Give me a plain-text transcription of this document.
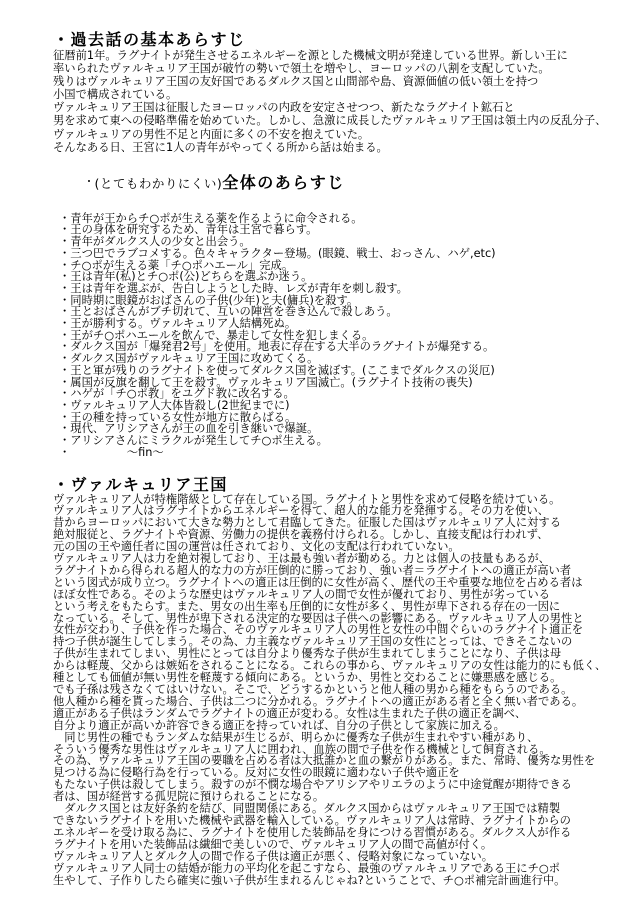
・過去話の基本あらすじ
征暦前1年。ラグナイトが発生させるエネルギーを源とした機械文明が発達している世界。新しい王に
率いられたヴァルキュリア王国が破竹の勢いで領土を増やし、ヨーロッパの八割を支配していた。
残りはヴァルキュリア王国の友好国であるダルクス国と山間部や島、資源価値の低い領土を持つ
小国で構成されている。
ヴァルキュリア王国は征服したヨーロッパの内政を安定させつつ、新たなラグナイト鉱石と
男を求めて東への侵略準備を始めていた。しかし、急激に成長したヴァルキュリア王国は領土内の反乱分子、
ヴァルキュリアの男性不足と内面に多くの不安を抱えていた。
そんなある日、王宮に1人の青年がやってくる所から話は始まる。

・(とてもわかりにくい)全体のあらすじ

・青年が王からチ○ポが生える薬を作るように命令される。
・王の身体を研究するため、青年は王宮で暮らす。
・青年がダルクス人の少女と出会う。
・三つ巴でラブコメする。色々キャラクター登場。(眼鏡、戦士、おっさん、ハゲ,etc)
・チ○ポが生える薬「チ○ポハエール」完成。
・王は青年(私)とチ○ポ(公)どちらを選ぶか迷う。
・王は青年を選ぶが、告白しようとした時、レズが青年を刺し殺す。
・同時期に眼鏡がおばさんの子供(少年)と夫(傭兵)を殺す。
・王とおばさんがブチ切れて、互いの陣営を巻き込んで殺しあう。
・王が勝利する。ヴァルキュリア人結構死ぬ。
・王がチ○ポハエールを飲んで、暴走して女性を犯しまくる。
・ダルクス国が「爆発君2号」を使用。地表に存在する大半のラグナイトが爆発する。
・ダルクス国がヴァルキュリア王国に攻めてくる。
・王と軍が残りのラグナイトを使ってダルクス国を滅ぼす。(ここまでダルクスの災厄)
・属国が反旗を翻して王を殺す。ヴァルキュリア国滅亡。(ラグナイト技術の喪失)
・ハゲが「チ○ポ教」をユグド教に改名する。
・ヴァルキュリア人大体皆殺し(2世紀までに)
・王の種を持っている女性が地方に散らばる。
・現代、アリシアさんが王の血を引き継いで爆誕。
・アリシアさんにミラクルが発生してチ○ポ生える。
・　　　　　～fin～
・ヴァルキュリア王国
ヴァルキュリア人が特権階級として存在している国。ラグナイトと男性を求めて侵略を続けている。
ヴァルキュリア人はラグナイトからエネルギーを得て、超人的な能力を発揮する。その力を使い、
昔からヨーロッパにおいて大きな勢力として君臨してきた。征服した国はヴァルキュリア人に対する
絶対服従と、ラグナイトや資源、労働力の提供を義務付けられる。しかし、直接支配は行われず、
元の国の王や適任者に国の運営は任されており、文化の支配は行われていない。
ヴァルキュリア人は力を絶対視しており、王は最も強い者が勤める。力とは個人の技量もあるが、
ラグナイトから得られる超人的な力の方が圧倒的に勝っており、強い者＝ラグナイトへの適正が高い者
という図式が成り立つ。ラグナイトへの適正は圧倒的に女性が高く、歴代の王や重要な地位を占める者は
ほぼ女性である。そのような歴史はヴァルキュリア人の間で女性が優れており、男性が劣っている
という考えをもたらす。また、男女の出生率も圧倒的に女性が多く、男性が卑下される存在の一因に
なっている。そして、男性が卑下される決定的な要因は子供への影響にある。ヴァルキュリア人の男性と
女性が交わり、子供を作った場合、そのヴァルキュリア人の男性と女性の中間ぐらいのラグナイト適正を
持つ子供が誕生してしまう。その為、力主義なヴァルキュリア王国の女性にとっては、できそこないの
子供が生まれてしまい、男性にとっては自分より優秀な子供が生まれてしまうことになり、子供は母
からは軽蔑、父からは嫉妬をされることになる。これらの事から、ヴァルキュリアの女性は能力的にも低く、
種としても価値が無い男性を軽蔑する傾向にある。というか、男性と交わることに嫌悪感を感じる。
でも子孫は残さなくてはいけない。そこで、どうするかというと他人種の男から種をもらうのである。
他人種から種を貰った場合、子供は二つに分かれる。ラグナイトへの適正がある者と全く無い者である。
適正がある子供はランダムでラグナイトの適正が変わる。女性は生まれた子供の適正を調べ、
自分より適正が高いか許容できる適正を持っていれば、自分の子供として家族に加える。
　同じ男性の種でもランダムな結果が生じるが、明らかに優秀な子供が生まれやすい種があり、
そういう優秀な男性はヴァルキュリア人に囲われ、血族の間で子供を作る機械として飼育される。
その為、ヴァルキュリア王国の要職を占める者は大抵誰かと血の繋がりがある。また、常時、優秀な男性を
見つける為に侵略行為を行っている。反対に女性の眼鏡に適わない子供や適正を
もたない子供は殺してしまう。殺すのが不憫な場合やアリシアやリエラのように中途覚醒が期待できる
者は、国が経営する孤児院に預けられることになる。
　ダルクス国とは友好条約を結び、同盟関係にある。ダルクス国からはヴァルキュリア王国では精製
できないラグナイトを用いた機械や武器を輸入している。ヴァルキュリア人は常時、ラグナイトからの
エネルギーを受け取る為に、ラグナイトを使用した装飾品を身につける習慣がある。ダルクス人が作る
ラグナイトを用いた装飾品は繊細で美しいので、ヴァルキュリア人の間で高値が付く。
ヴァルキュリア人とダルク人の間で作る子供は適正が悪く、侵略対象になっていない。
ヴァルキュリア人同士の結婚が能力の平均化を起こすなら、最強のヴァルキュリアである王にチ○ポ
生やして、子作りしたら確実に強い子供が生まれるんじゃね?ということで、チ○ポ補完計画進行中。
